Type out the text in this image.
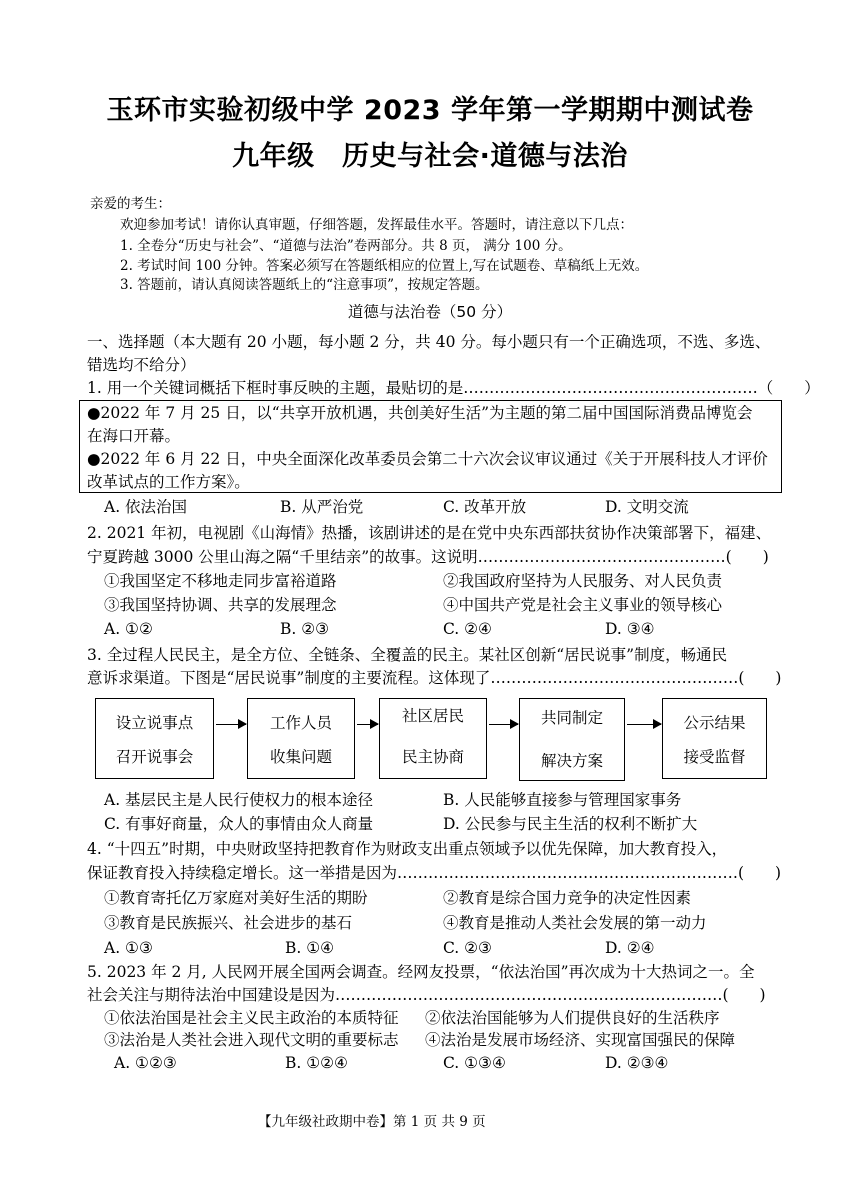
玉环市实验初级中学 2023 学年第一学期期中测试卷
九年级　历史与社会·道德与法治
亲爱的考生：
欢迎参加考试！请你认真审题，仔细答题，发挥最佳水平。答题时，请注意以下几点：
1. 全卷分“历史与社会”、“道德与法治”卷两部分。共 8 页， 满分 100 分。
2. 考试时间 100 分钟。答案必须写在答题纸相应的位置上,写在试题卷、草稿纸上无效。
3. 答题前，请认真阅读答题纸上的“注意事项”，按规定答题。
道德与法治卷（50 分）
一、选择题（本大题有 20 小题，每小题 2 分，共 40 分。每小题只有一个正确选项，不选、多选、
错选均不给分）
1. 用一个关键词概括下框时事反映的主题，最贴切的是…………………………………………………（　　）
●2022 年 7 月 25 日，以“共享开放机遇，共创美好生活”为主题的第二届中国国际消费品博览会
在海口开幕。
●2022 年 6 月 22 日，中央全面深化改革委员会第二十六次会议审议通过《关于开展科技人才评价
改革试点的工作方案》。
A. 依法治国	B. 从严治党	C. 改革开放	D. 文明交流
2. 2021 年初，电视剧《山海情》热播，该剧讲述的是在党中央东西部扶贫协作决策部署下，福建、
宁夏跨越 3000 公里山海之隔“千里结亲”的故事。这说明…………………………………………(　　)
①我国坚定不移地走同步富裕道路	②我国政府坚持为人民服务、对人民负责
③我国坚持协调、共享的发展理念	④中国共产党是社会主义事业的领导核心
A. ①②	B. ②③	C. ②④	D. ③④
3. 全过程人民民主，是全方位、全链条、全覆盖的民主。某社区创新“居民说事”制度，畅通民
意诉求渠道。下图是“居民说事”制度的主要流程。这体现了…………………………………………(　　)
设立说事点
召开说事会
工作人员
收集问题
社区居民
民主协商
共同制定
解决方案
公示结果
接受监督
A. 基层民主是人民行使权力的根本途径	B. 人民能够直接参与管理国家事务
C. 有事好商量，众人的事情由众人商量	D. 公民参与民主生活的权利不断扩大
4. “十四五”时期，中央财政坚持把教育作为财政支出重点领域予以优先保障，加大教育投入，
保证教育投入持续稳定增长。这一举措是因为…………………………………………………………(　　)
①教育寄托亿万家庭对美好生活的期盼	②教育是综合国力竞争的决定性因素
③教育是民族振兴、社会进步的基石	④教育是推动人类社会发展的第一动力
A. ①③	B. ①④	C. ②③	D. ②④
5. 2023 年 2 月, 人民网开展全国两会调查。经网友投票，“依法治国”再次成为十大热词之一。全
社会关注与期待法治中国建设是因为…………………………………………………………………(　　)
①依法治国是社会主义民主政治的本质特征 ②依法治国能够为人们提供良好的生活秩序
③法治是人类社会进入现代文明的重要标志 ④法治是发展市场经济、实现富国强民的保障
A. ①②③	B. ①②④	C. ①③④	D. ②③④
【九年级社政期中卷】第 1 页 共 9 页
